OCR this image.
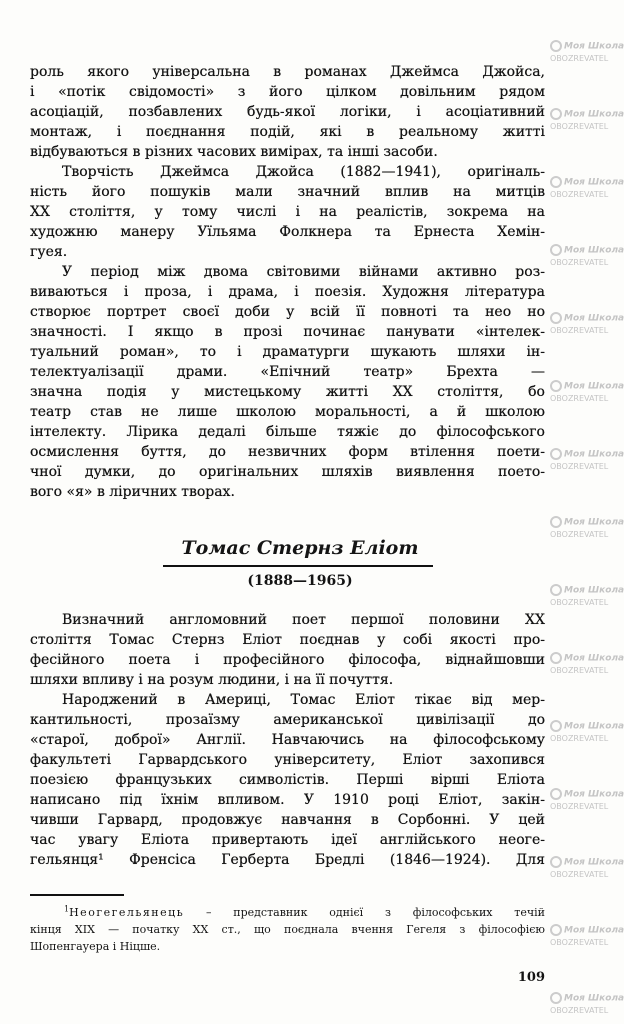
Моя Школа
OBOZREVATEL
Моя Школа
OBOZREVATEL
Моя Школа
OBOZREVATEL
Моя Школа
OBOZREVATEL
Моя Школа
OBOZREVATEL
Моя Школа
OBOZREVATEL
Моя Школа
OBOZREVATEL
Моя Школа
OBOZREVATEL
Моя Школа
OBOZREVATEL
Моя Школа
OBOZREVATEL
Моя Школа
OBOZREVATEL
Моя Школа
OBOZREVATEL
Моя Школа
OBOZREVATEL
Моя Школа
OBOZREVATEL
Моя Школа
OBOZREVATEL
роль якого універсальна в романах Джеймса Джойса,
і «потік свідомості» з його цілком довільним рядом
асоціацій, позбавлених будь-якої логіки, і асоціативний
монтаж, і поєднання подій, які в реальному житті
відбуваються в різних часових вимірах, та інші засоби.
Творчість Джеймса Джойса (1882—1941), оригіналь-
ність його пошуків мали значний вплив на митців
XX століття, у тому числі і на реалістів, зокрема на
художню манеру Уїльяма Фолкнера та Ернеста Хемін-
гуея.
У період між двома світовими війнами активно роз-
виваються і проза, і драма, і поезія. Художня література
створює портрет своєї доби у всій її повноті та нео но
значності. І якщо в прозі починає панувати «інтелек-
туальний роман», то і драматурги шукають шляхи ін-
телектуалізації драми. «Епічний театр» Брехта —
значна подія у мистецькому житті XX століття, бо
театр став не лише школою моральності, а й школою
інтелекту. Лірика дедалі більше тяжіє до філософського
осмислення буття, до незвичних форм втілення поети-
чної думки, до оригінальних шляхів виявлення поето-
вого «я» в ліричних творах.
Томас Стернз Еліот
(1888—1965)
Визначний англомовний поет першої половини XX
століття Томас Стернз Еліот поєднав у собі якості про-
фесійного поета і професійного філософа, віднайшовши
шляхи впливу і на розум людини, і на її почуття.
Народжений в Америці, Томас Еліот тікає від мер-
кантильності, прозаїзму американської цивілізації до
«старої, доброї» Англії. Навчаючись на філософському
факультеті Гарвардського університету, Еліот захопився
поезією французьких символістів. Перші вірші Еліота
написано під їхнім впливом. У 1910 році Еліот, закін-
чивши Гарвард, продовжує навчання в Сорбонні. У цей
час увагу Еліота привертають ідеї англійського неоге-
гельянця¹ Френсіса Герберта Бредлі (1846—1924). Для
$^1$Неогегельянець – представник однієї з філософських течій
кінця XIX — початку XX ст., що поєднала вчення Гегеля з філософією
Шопенгауера і Ніцше.
109
